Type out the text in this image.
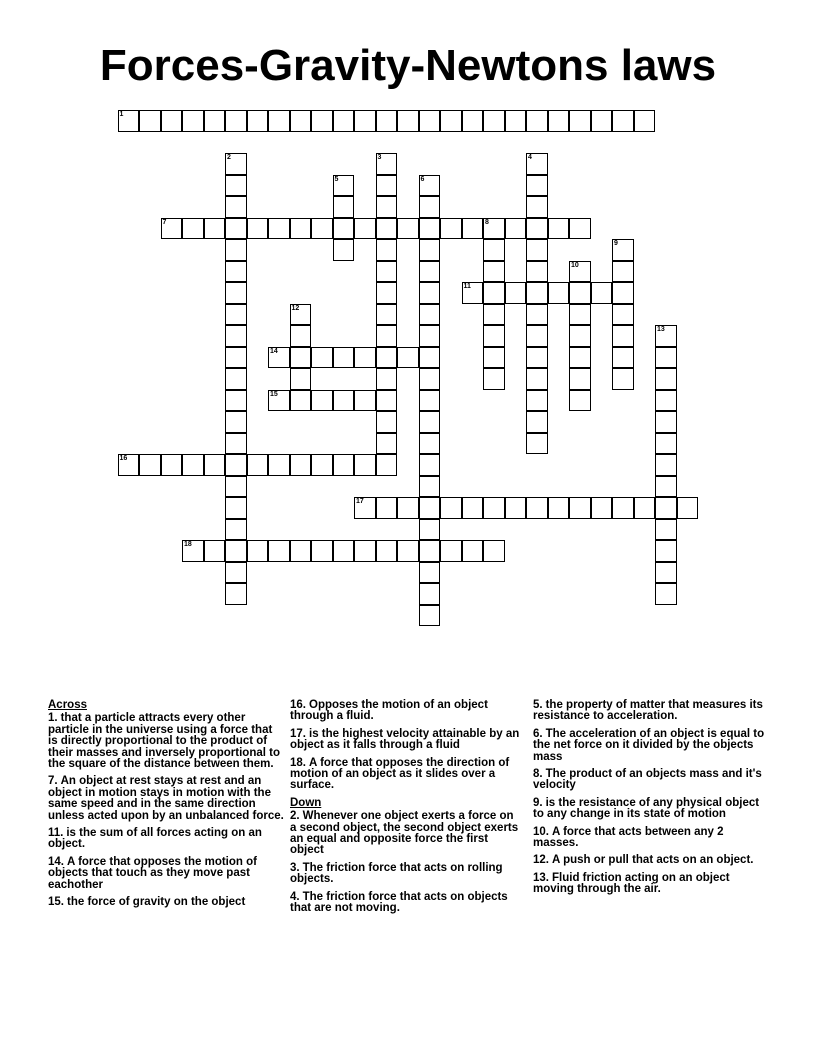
Forces-Gravity-Newtons laws
1
2	3	4
5	6
7	8
9
10
11
12
13
14
15
16
17
18
Across
1. that a particle attracts every other particle in the universe using a force that is directly proportional to the product of their masses and inversely proportional to the square of the distance between them.
7. An object at rest stays at rest and an object in motion stays in motion with the same speed and in the same direction unless acted upon by an unbalanced force.
11. is the sum of all forces acting on an object.
14. A force that opposes the motion of objects that touch as they move past eachother
15. the force of gravity on the object
16. Opposes the motion of an object through a fluid.
17. is the highest velocity attainable by an object as it falls through a fluid
18. A force that opposes the direction of motion of an object as it slides over a surface.
Down
2. Whenever one object exerts a force on a second object, the second object exerts an equal and opposite force the first object
3. The friction force that acts on rolling objects.
4. The friction force that acts on objects that are not moving.
5. the property of matter that measures its resistance to acceleration.
6. The acceleration of an object is equal to the net force on it divided by the objects mass
8. The product of an objects mass and it's velocity
9. is the resistance of any physical object to any change in its state of motion
10. A force that acts between any 2 masses.
12. A push or pull that acts on an object.
13. Fluid friction acting on an object moving through the air.
